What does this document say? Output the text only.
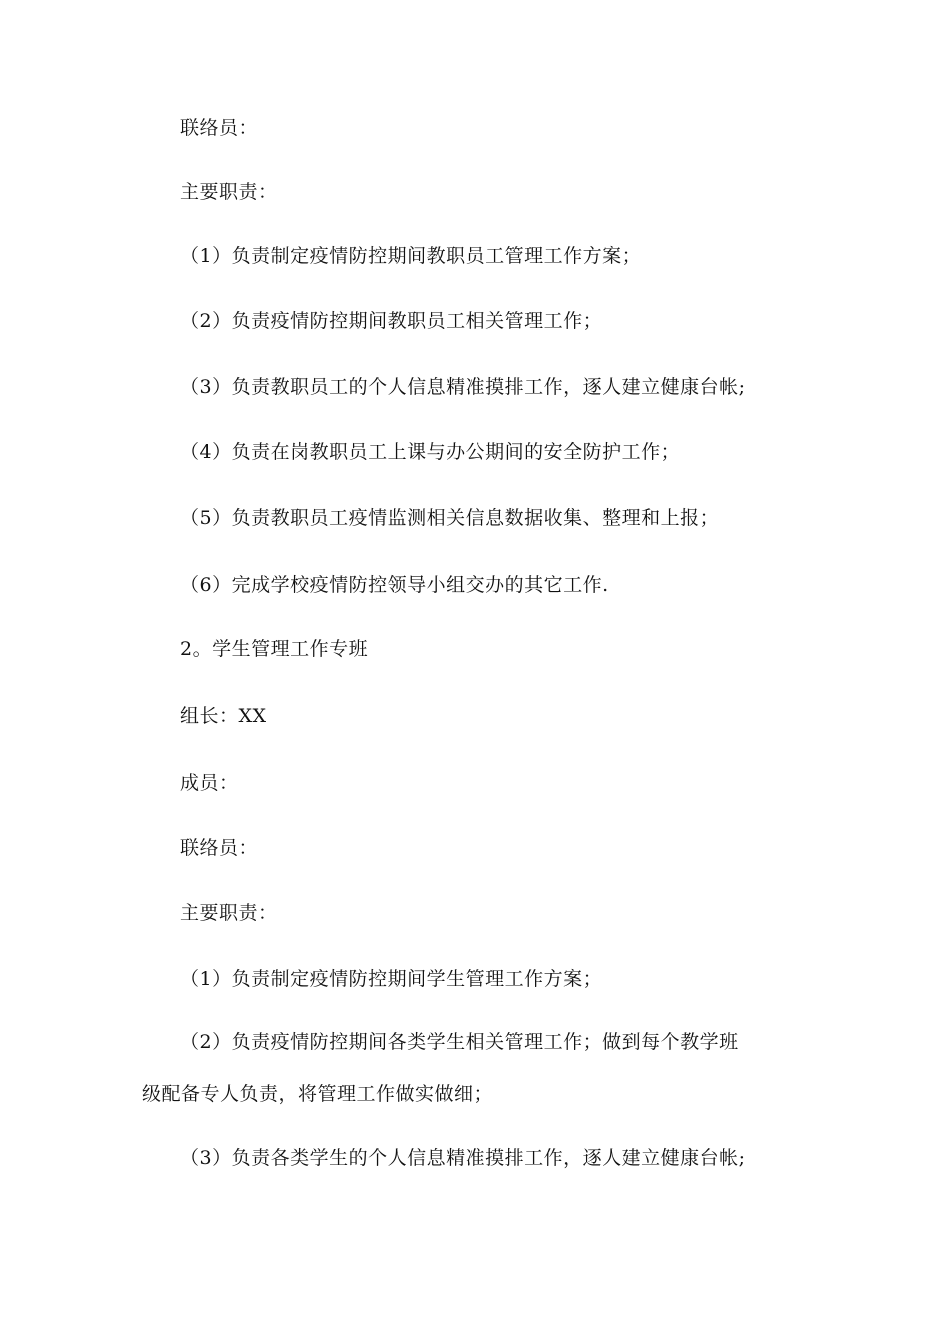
联络员：
主要职责：
（1）负责制定疫情防控期间教职员工管理工作方案；
（2）负责疫情防控期间教职员工相关管理工作；
（3）负责教职员工的个人信息精准摸排工作，逐人建立健康台帐;
（4）负责在岗教职员工上课与办公期间的安全防护工作；
（5）负责教职员工疫情监测相关信息数据收集、整理和上报；
（6）完成学校疫情防控领导小组交办的其它工作.
2。学生管理工作专班
组长：XX
成员：
联络员：
主要职责：
（1）负责制定疫情防控期间学生管理工作方案；
（2）负责疫情防控期间各类学生相关管理工作；做到每个教学班
级配备专人负责，将管理工作做实做细；
（3）负责各类学生的个人信息精准摸排工作，逐人建立健康台帐;
